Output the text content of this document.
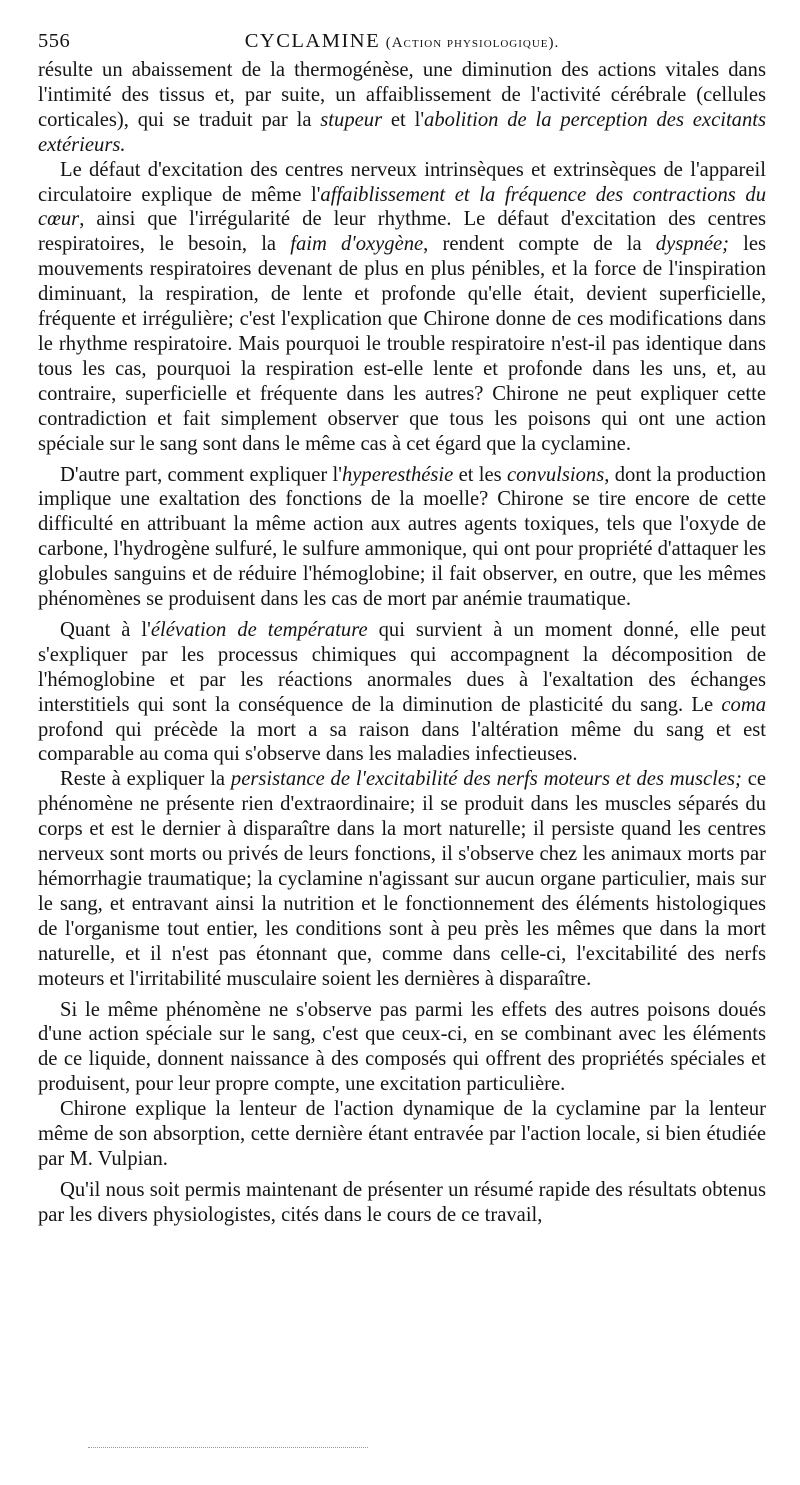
556	CYCLAMINE (Action physiologique).

résulte un abaissement de la thermogénèse, une diminution des actions vitales dans l'intimité des tissus et, par suite, un affaiblissement de l'activité cérébrale (cellules corticales), qui se traduit par la stupeur et l'abolition de la perception des excitants extérieurs.

Le défaut d'excitation des centres nerveux intrinsèques et extrinsèques de l'appareil circulatoire explique de même l'affaiblissement et la fréquence des contractions du cœur, ainsi que l'irrégularité de leur rhythme. Le défaut d'excitation des centres respiratoires, le besoin, la faim d'oxygène, rendent compte de la dyspnée; les mouvements respiratoires devenant de plus en plus pénibles, et la force de l'inspiration diminuant, la respiration, de lente et profonde qu'elle était, devient superficielle, fréquente et irrégulière; c'est l'explication que Chirone donne de ces modifications dans le rhythme respiratoire. Mais pourquoi le trouble respiratoire n'est-il pas identique dans tous les cas, pourquoi la respiration est-elle lente et profonde dans les uns, et, au contraire, superficielle et fréquente dans les autres? Chirone ne peut expliquer cette contradiction et fait simplement observer que tous les poisons qui ont une action spéciale sur le sang sont dans le même cas à cet égard que la cyclamine.

D'autre part, comment expliquer l'hyperesthésie et les convulsions, dont la production implique une exaltation des fonctions de la moelle? Chirone se tire encore de cette difficulté en attribuant la même action aux autres agents toxiques, tels que l'oxyde de carbone, l'hydrogène sulfuré, le sulfure ammonique, qui ont pour propriété d'attaquer les globules sanguins et de réduire l'hémoglobine; il fait observer, en outre, que les mêmes phénomènes se produisent dans les cas de mort par anémie traumatique.

Quant à l'élévation de température qui survient à un moment donné, elle peut s'expliquer par les processus chimiques qui accompagnent la décomposition de l'hémoglobine et par les réactions anormales dues à l'exaltation des échanges interstitiels qui sont la conséquence de la diminution de plasticité du sang. Le coma profond qui précède la mort a sa raison dans l'altération même du sang et est comparable au coma qui s'observe dans les maladies infectieuses.

Reste à expliquer la persistance de l'excitabilité des nerfs moteurs et des muscles; ce phénomène ne présente rien d'extraordinaire; il se produit dans les muscles séparés du corps et est le dernier à disparaître dans la mort naturelle; il persiste quand les centres nerveux sont morts ou privés de leurs fonctions, il s'observe chez les animaux morts par hémorrhagie traumatique; la cyclamine n'agissant sur aucun organe particulier, mais sur le sang, et entravant ainsi la nutrition et le fonctionnement des éléments histologiques de l'organisme tout entier, les conditions sont à peu près les mêmes que dans la mort naturelle, et il n'est pas étonnant que, comme dans celle-ci, l'excitabilité des nerfs moteurs et l'irritabilité musculaire soient les dernières à disparaître.

Si le même phénomène ne s'observe pas parmi les effets des autres poisons doués d'une action spéciale sur le sang, c'est que ceux-ci, en se combinant avec les éléments de ce liquide, donnent naissance à des composés qui offrent des propriétés spéciales et produisent, pour leur propre compte, une excitation particulière.

Chirone explique la lenteur de l'action dynamique de la cyclamine par la lenteur même de son absorption, cette dernière étant entravée par l'action locale, si bien étudiée par M. Vulpian.

Qu'il nous soit permis maintenant de présenter un résumé rapide des résultats obtenus par les divers physiologistes, cités dans le cours de ce travail,
